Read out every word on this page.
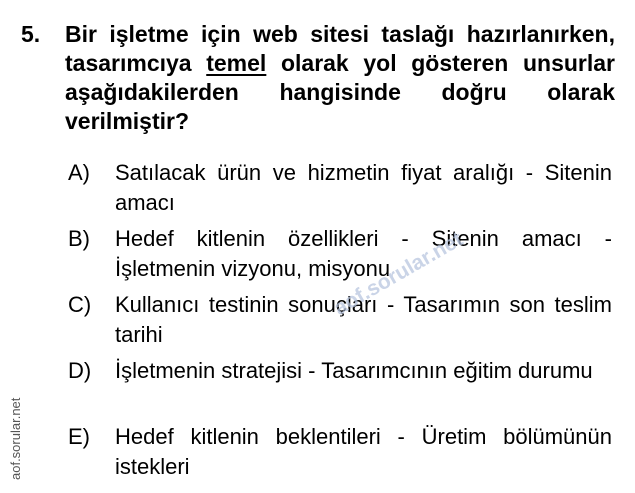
5. Bir işletme için web sitesi taslağı hazırlanırken, tasarımcıya temel olarak yol gösteren unsurlar aşağıdakilerden hangisinde doğru olarak verilmiştir?
A)	Satılacak ürün ve hizmetin fiyat aralığı - Sitenin amacı
B)	Hedef kitlenin özellikleri - Sitenin amacı - İşletmenin vizyonu, misyonu
C)	Kullanıcı testinin sonuçları - Tasarımın son teslim tarihi
D)	İşletmenin stratejisi - Tasarımcının eğitim durumu
E)	Hedef kitlenin beklentileri - Üretim bölümünün istekleri
aof.sorular.net
aof.sorular.net
